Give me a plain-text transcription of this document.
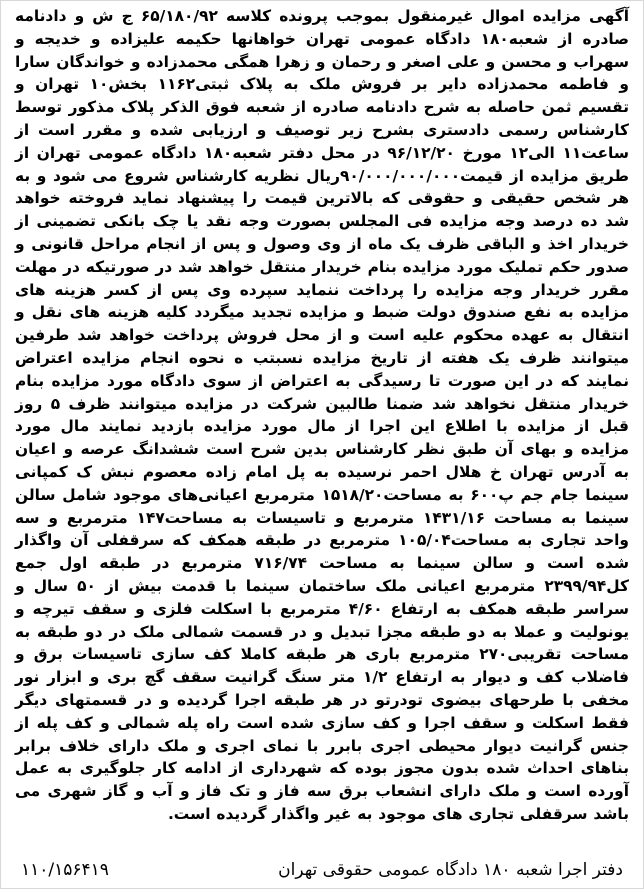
آگهی مزایده اموال غیرمنقول بموجب پرونده کلاسه ۶۵/۱۸۰/۹۲ ج ش و دادنامه صادره از شعبه۱۸۰ دادگاه عمومی تهران خواهانها حکیمه علیزاده و خدیجه و سهراب و محسن و علی اصغر و رحمان و زهرا همگی محمدزاده و خواندگان سارا و فاطمه محمدزاده دایر بر فروش ملک به پلاک ثبتی۱۱۶۲ بخش۱۰ تهران و تقسیم ثمن حاصله به شرح دادنامه صادره از شعبه فوق الذکر پلاک مذکور توسط کارشناس رسمی دادستری بشرح زیر توصیف و ارزیابی شده و مقرر است از ساعت۱۱ الی۱۲ مورخ ۹۶/۱۲/۲۰ در محل دفتر شعبه۱۸۰ دادگاه عمومی تهران از طریق مزایده از قیمت۹۰/۰۰۰/۰۰۰/۰۰۰ریال نظریه کارشناس شروع می شود و به هر شخص حقیقی و حقوقی که بالاترین قیمت را پیشنهاد نماید فروخته خواهد شد ده درصد وجه مزایده فی المجلس بصورت وجه نقد یا چک بانکی تضمینی از خریدار اخذ و الباقی ظرف یک ماه از وی وصول و پس از انجام مراحل قانونی و صدور حکم تملیک مورد مزایده بنام خریدار منتقل خواهد شد در صورتیکه در مهلت مقرر خریدار وجه مزایده را پرداخت ننماید سپرده وی پس از کسر هزینه های مزایده به نفع صندوق دولت ضبط و مزایده تجدید میگردد کلیه هزینه های نقل و انتقال به عهده محکوم علیه است و از محل فروش پرداخت خواهد شد طرفین میتوانند ظرف یک هفته از تاریخ مزایده نسبتب ه نحوه انجام مزایده اعتراض نمایند که در این صورت تا رسیدگی به اعتراض از سوی دادگاه مورد مزایده بنام خریدار منتقل نخواهد شد ضمنا طالبین شرکت در مزایده میتوانند ظرف ۵ روز قبل از مزایده با اطلاع این اجرا از مال مورد مزایده بازدید نمایند مال مورد مزایده و بهای آن طبق نظر کارشناس بدین شرح است ششدانگ عرصه و اعیان به آدرس تهران خ هلال احمر نرسیده به پل امام زاده معصوم نبش ک کمپانی سینما جام جم پ۶۰۰ به مساحت۱۵۱۸/۲۰ مترمربع اعیانی‌های موجود شامل سالن سینما به مساحت ۱۴۳۱/۱۶ مترمربع و تاسیسات به مساحت۱۴۷ مترمربع و سه واحد تجاری به مساحت۱۰۵/۰۴ مترمربع در طبقه همکف که سرقفلی آن واگذار شده است و سالن سینما به مساحت ۷۱۶/۷۴ مترمربع در طبقه اول جمع کل۲۳۹۹/۹۴ مترمربع اعیانی ملک ساختمان سینما با قدمت بیش از ۵۰ سال و سراسر طبقه همکف به ارتفاع ۴/۶۰ مترمربع با اسکلت فلزی و سقف تیرچه و یونولیت و عملا به دو طبقه مجزا تبدیل و در قسمت شمالی ملک در دو طبقه به مساحت تقریبی۲۷۰ مترمربع باری هر طبقه کاملا کف سازی تاسیسات برق و فاضلاب کف و دیوار به ارتفاع ۱/۲ متر سنگ گرانیت سقف گچ بری و ابزار نور مخفی با طرحهای بیضوی تودرتو در هر طبقه اجرا گردیده و در قسمتهای دیگر فقط اسکلت و سقف اجرا و کف سازی شده است راه پله شمالی و کف پله از جنس گرانیت دیوار محیطی اجری بابرر با نمای اجری و ملک دارای خلاف برابر بناهای احداث شده بدون مجوز بوده که شهرداری از ادامه کار جلوگیری به عمل آورده است و ملک دارای انشعاب برق سه فاز و تک فاز و آب و گاز شهری می باشد سرقفلی تجاری های موجود به غیر واگذار گردیده است.

دفتر اجرا شعبه ۱۸۰ دادگاه عمومی حقوقی تهران
۱۱۰/۱۵۶۴۱۹
